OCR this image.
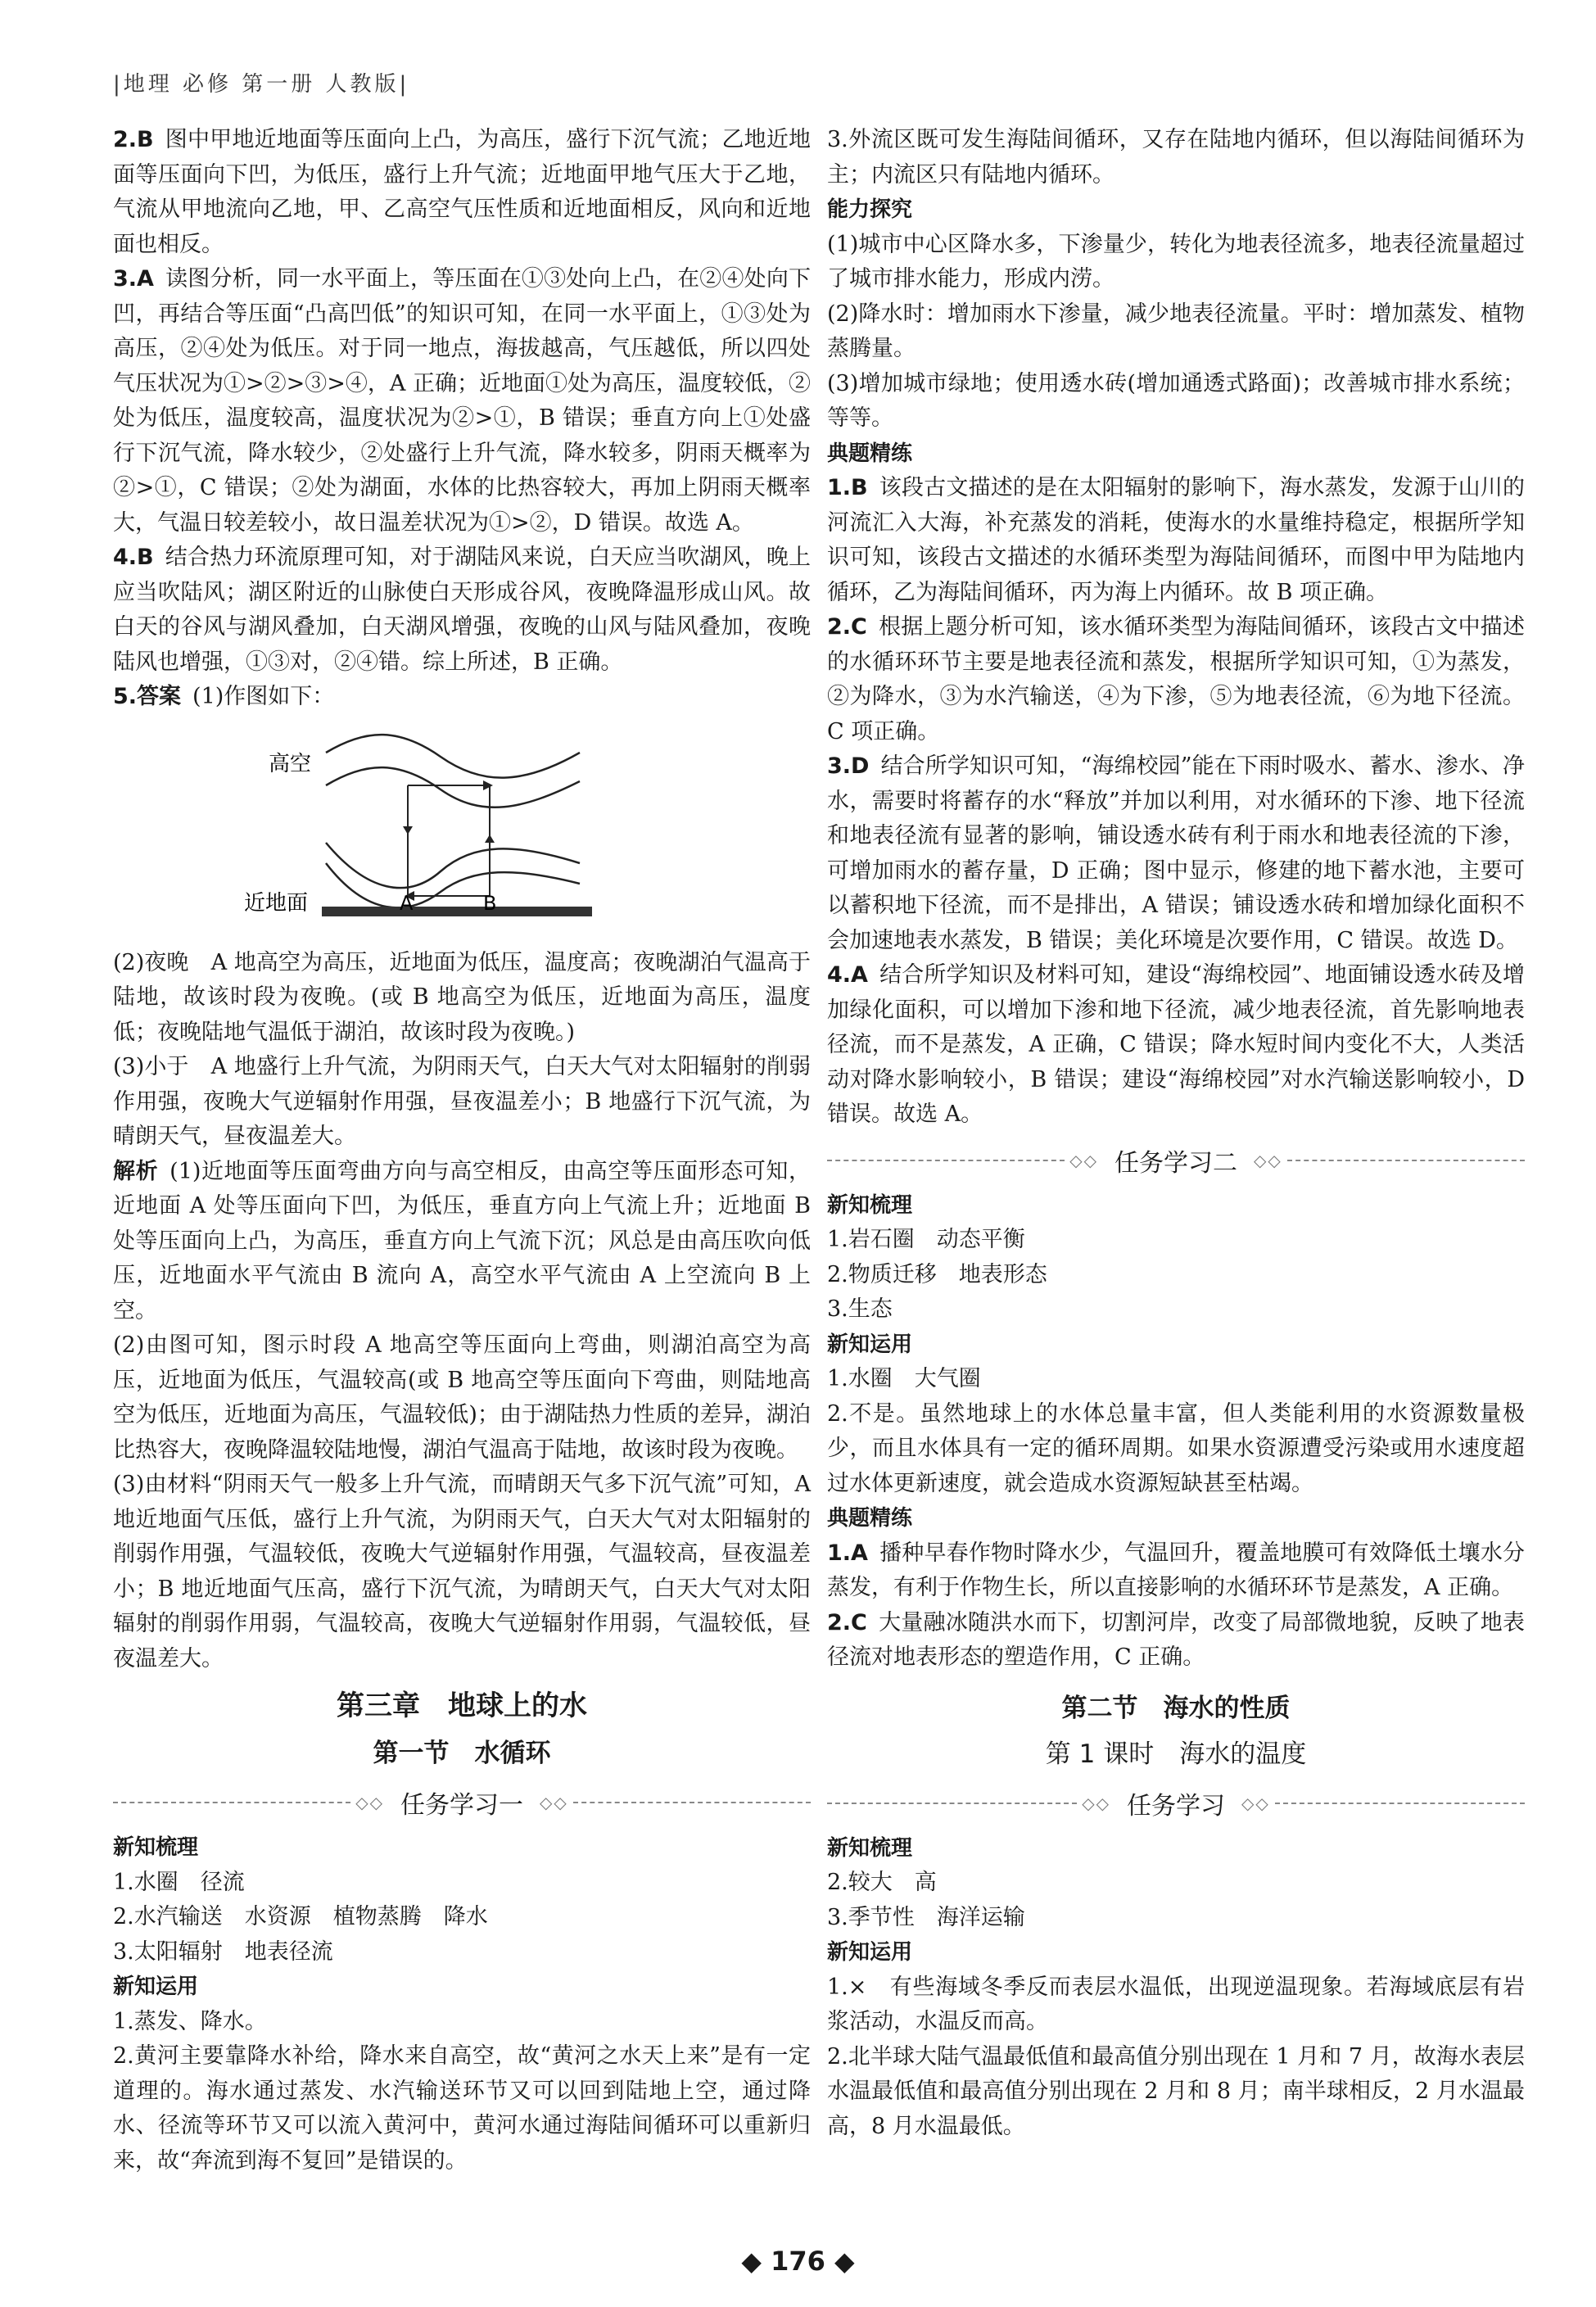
|地理 必修 第一册 人教版|

2.B 图中甲地近地面等压面向上凸，为高压，盛行下沉气流；乙地近地面等压面向下凹，为低压，盛行上升气流；近地面甲地气压大于乙地，气流从甲地流向乙地，甲、乙高空气压性质和近地面相反，风向和近地面也相反。

3.A 读图分析，同一水平面上，等压面在①③处向上凸，在②④处向下凹，再结合等压面“凸高凹低”的知识可知，在同一水平面上，①③处为高压，②④处为低压。对于同一地点，海拔越高，气压越低，所以四处气压状况为①>②>③>④，A 正确；近地面①处为高压，温度较低，②处为低压，温度较高，温度状况为②>①，B 错误；垂直方向上①处盛行下沉气流，降水较少，②处盛行上升气流，降水较多，阴雨天概率为②>①，C 错误；②处为湖面，水体的比热容较大，再加上阴雨天概率大，气温日较差较小，故日温差状况为①>②，D 错误。故选 A。

4.B 结合热力环流原理可知，对于湖陆风来说，白天应当吹湖风，晚上应当吹陆风；湖区附近的山脉使白天形成谷风，夜晚降温形成山风。故白天的谷风与湖风叠加，白天湖风增强，夜晚的山风与陆风叠加，夜晚陆风也增强，①③对，②④错。综上所述，B 正确。

5.答案 (1)作图如下：

高空
近地面	A	B

(2)夜晚　A 地高空为高压，近地面为低压，温度高；夜晚湖泊气温高于陆地，故该时段为夜晚。(或 B 地高空为低压，近地面为高压，温度低；夜晚陆地气温低于湖泊，故该时段为夜晚。)

(3)小于　A 地盛行上升气流，为阴雨天气，白天大气对太阳辐射的削弱作用强，夜晚大气逆辐射作用强，昼夜温差小；B 地盛行下沉气流，为晴朗天气，昼夜温差大。

解析 (1)近地面等压面弯曲方向与高空相反，由高空等压面形态可知，近地面 A 处等压面向下凹，为低压，垂直方向上气流上升；近地面 B 处等压面向上凸，为高压，垂直方向上气流下沉；风总是由高压吹向低压，近地面水平气流由 B 流向 A，高空水平气流由 A 上空流向 B 上空。

(2)由图可知，图示时段 A 地高空等压面向上弯曲，则湖泊高空为高压，近地面为低压，气温较高(或 B 地高空等压面向下弯曲，则陆地高空为低压，近地面为高压，气温较低)；由于湖陆热力性质的差异，湖泊比热容大，夜晚降温较陆地慢，湖泊气温高于陆地，故该时段为夜晚。

(3)由材料“阴雨天气一般多上升气流，而晴朗天气多下沉气流”可知，A 地近地面气压低，盛行上升气流，为阴雨天气，白天大气对太阳辐射的削弱作用强，气温较低，夜晚大气逆辐射作用强，气温较高，昼夜温差小；B 地近地面气压高，盛行下沉气流，为晴朗天气，白天大气对太阳辐射的削弱作用弱，气温较高，夜晚大气逆辐射作用弱，气温较低，昼夜温差大。

第三章　地球上的水
第一节　水循环
◇◇ 任务学习一 ◇◇

新知梳理

1.水圈　径流

2.水汽输送　水资源　植物蒸腾　降水

3.太阳辐射　地表径流

新知运用

1.蒸发、降水。

2.黄河主要靠降水补给，降水来自高空，故“黄河之水天上来”是有一定道理的。海水通过蒸发、水汽输送环节又可以回到陆地上空，通过降水、径流等环节又可以流入黄河中，黄河水通过海陆间循环可以重新归来，故“奔流到海不复回”是错误的。

3.外流区既可发生海陆间循环，又存在陆地内循环，但以海陆间循环为主；内流区只有陆地内循环。

能力探究

(1)城市中心区降水多，下渗量少，转化为地表径流多，地表径流量超过了城市排水能力，形成内涝。

(2)降水时：增加雨水下渗量，减少地表径流量。平时：增加蒸发、植物蒸腾量。

(3)增加城市绿地；使用透水砖(增加通透式路面)；改善城市排水系统；等等。

典题精练

1.B 该段古文描述的是在太阳辐射的影响下，海水蒸发，发源于山川的河流汇入大海，补充蒸发的消耗，使海水的水量维持稳定，根据所学知识可知，该段古文描述的水循环类型为海陆间循环，而图中甲为陆地内循环，乙为海陆间循环，丙为海上内循环。故 B 项正确。

2.C 根据上题分析可知，该水循环类型为海陆间循环，该段古文中描述的水循环环节主要是地表径流和蒸发，根据所学知识可知，①为蒸发，②为降水，③为水汽输送，④为下渗，⑤为地表径流，⑥为地下径流。C 项正确。

3.D 结合所学知识可知，“海绵校园”能在下雨时吸水、蓄水、渗水、净水，需要时将蓄存的水“释放”并加以利用，对水循环的下渗、地下径流和地表径流有显著的影响，铺设透水砖有利于雨水和地表径流的下渗，可增加雨水的蓄存量，D 正确；图中显示，修建的地下蓄水池，主要可以蓄积地下径流，而不是排出，A 错误；铺设透水砖和增加绿化面积不会加速地表水蒸发，B 错误；美化环境是次要作用，C 错误。故选 D。

4.A 结合所学知识及材料可知，建设“海绵校园”、地面铺设透水砖及增加绿化面积，可以增加下渗和地下径流，减少地表径流，首先影响地表径流，而不是蒸发，A 正确，C 错误；降水短时间内变化不大，人类活动对降水影响较小，B 错误；建设“海绵校园”对水汽输送影响较小，D 错误。故选 A。

◇◇ 任务学习二 ◇◇

新知梳理

1.岩石圈　动态平衡

2.物质迁移　地表形态

3.生态

新知运用

1.水圈　大气圈

2.不是。虽然地球上的水体总量丰富，但人类能利用的水资源数量极少，而且水体具有一定的循环周期。如果水资源遭受污染或用水速度超过水体更新速度，就会造成水资源短缺甚至枯竭。

典题精练

1.A 播种早春作物时降水少，气温回升，覆盖地膜可有效降低土壤水分蒸发，有利于作物生长，所以直接影响的水循环环节是蒸发，A 正确。

2.C 大量融冰随洪水而下，切割河岸，改变了局部微地貌，反映了地表径流对地表形态的塑造作用，C 正确。

第二节　海水的性质
第 1 课时　海水的温度
◇◇ 任务学习 ◇◇

新知梳理

2.较大　高

3.季节性　海洋运输

新知运用

1.×　有些海域冬季反而表层水温低，出现逆温现象。若海域底层有岩浆活动，水温反而高。

2.北半球大陆气温最低值和最高值分别出现在 1 月和 7 月，故海水表层水温最低值和最高值分别出现在 2 月和 8 月；南半球相反，2 月水温最高，8 月水温最低。

◆ 176 ◆
